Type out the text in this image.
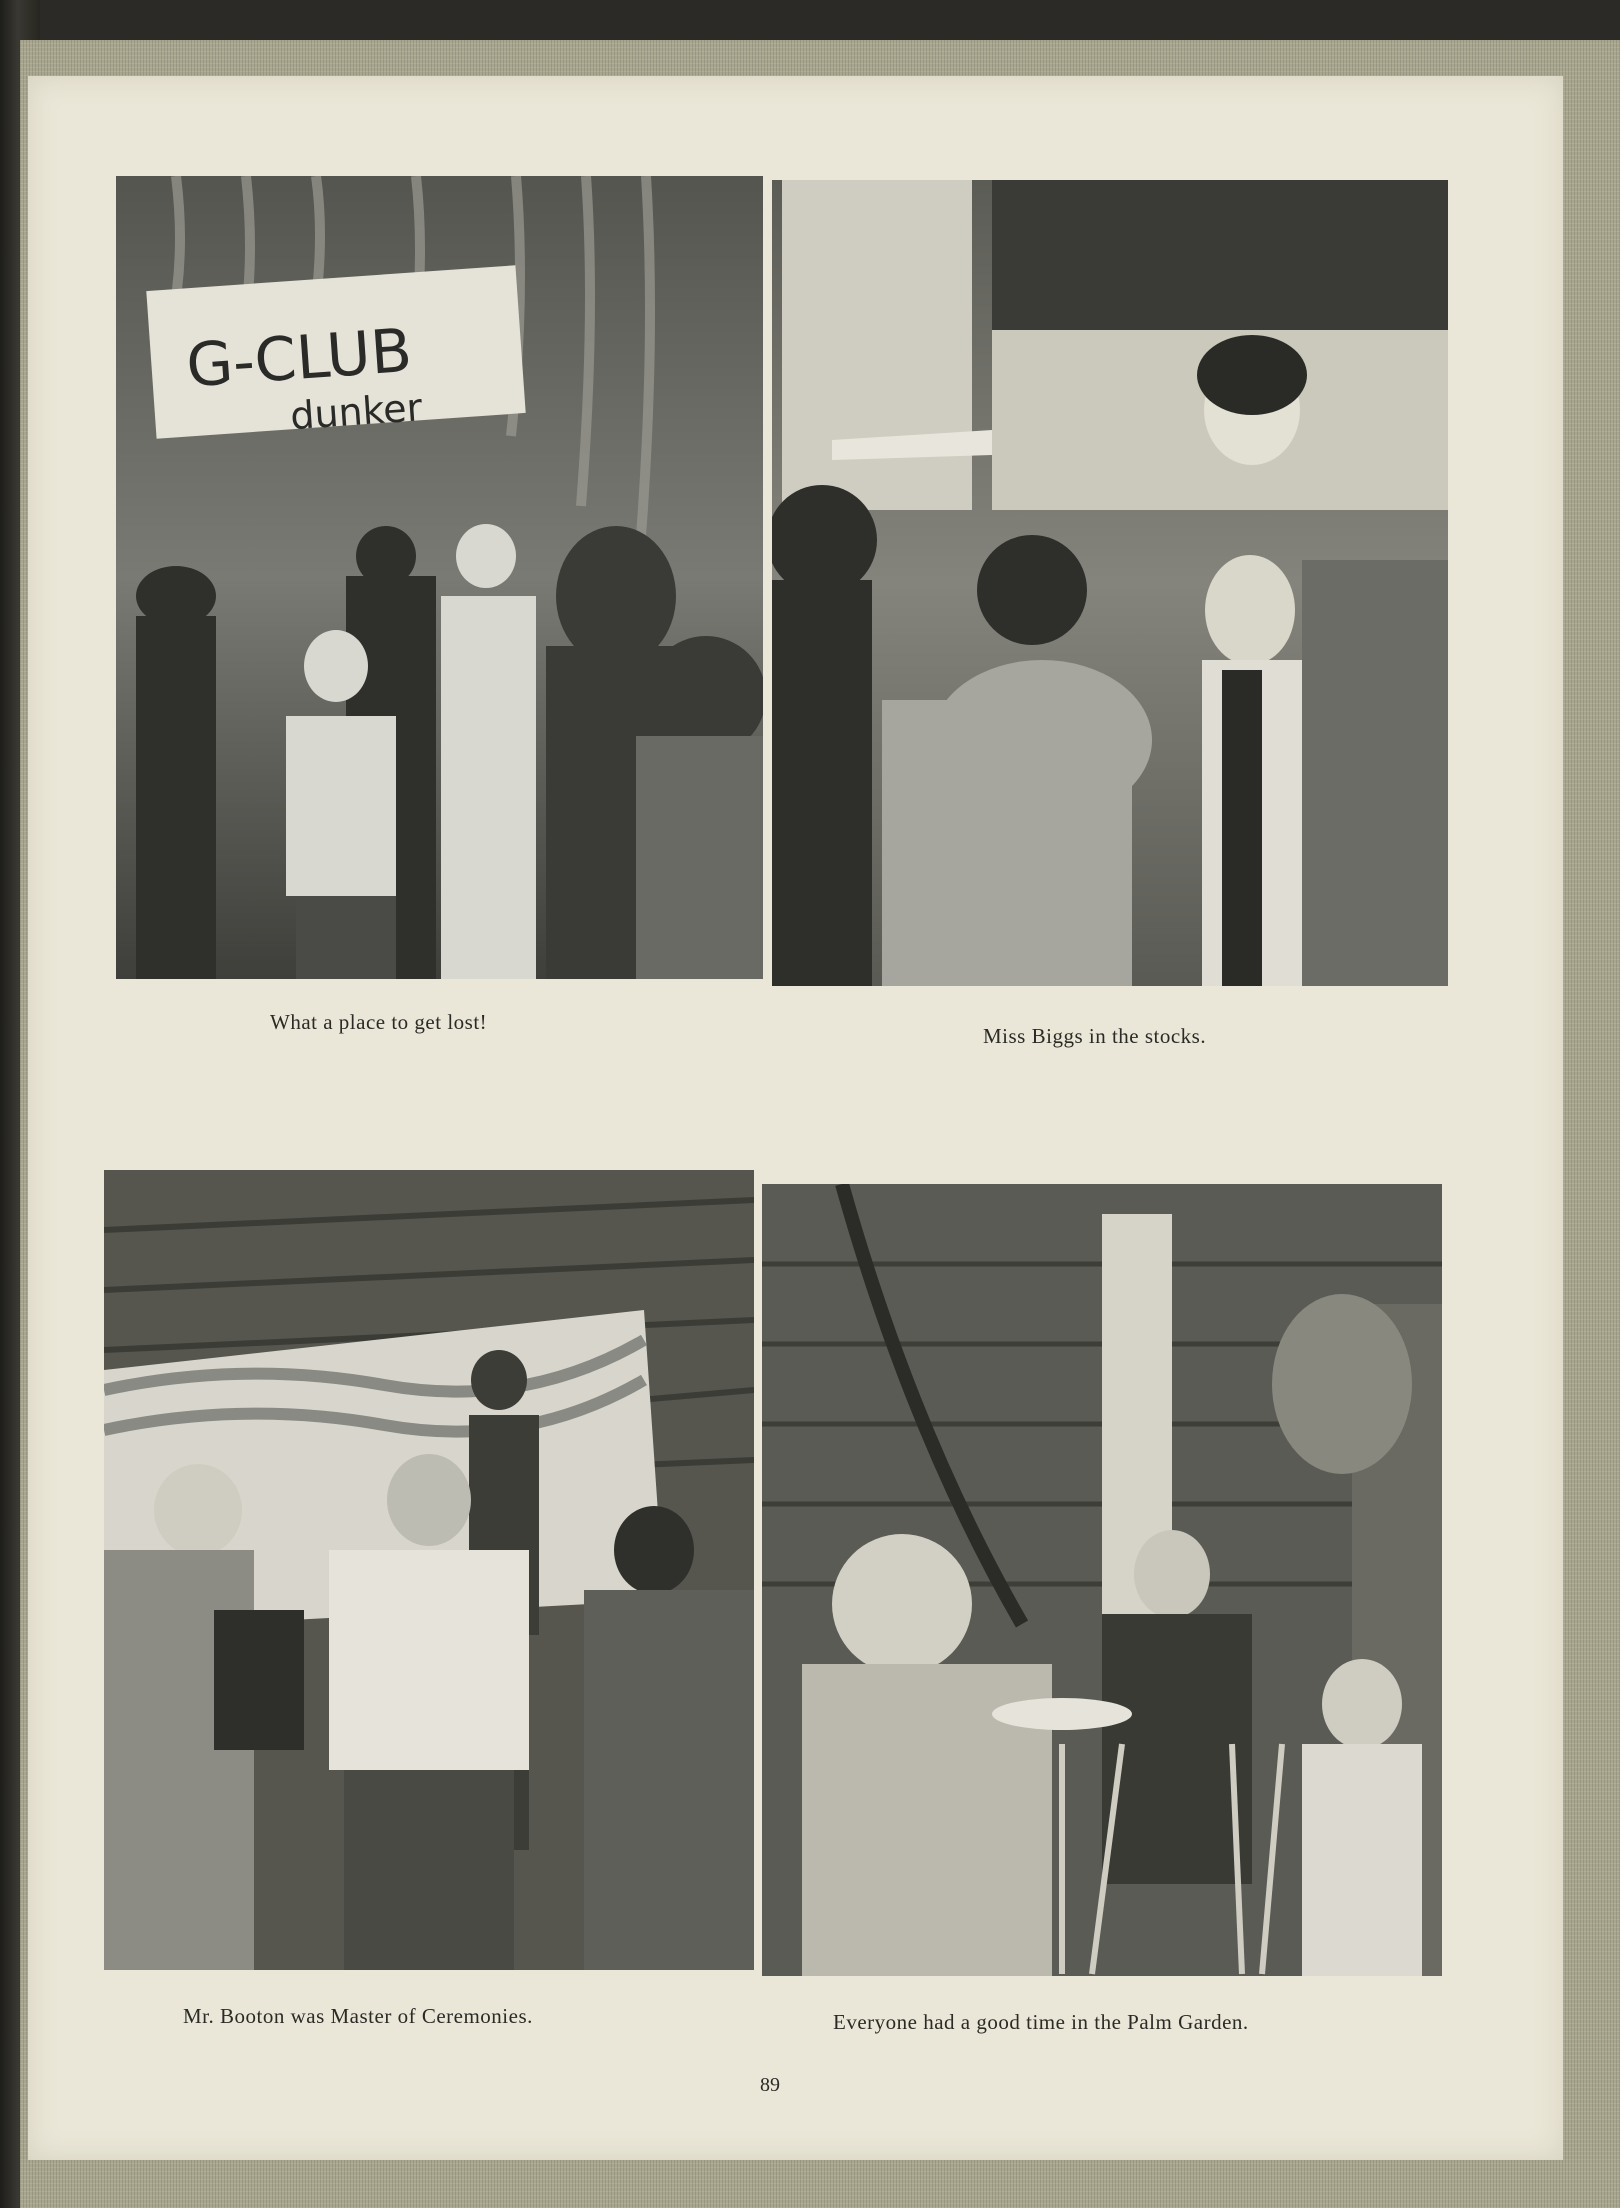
G-CLUB
dunker
What a place to get lost!
Miss Biggs in the stocks.
Mr. Booton was Master of Ceremonies.	Everyone had a good time in the Palm Garden.
89
